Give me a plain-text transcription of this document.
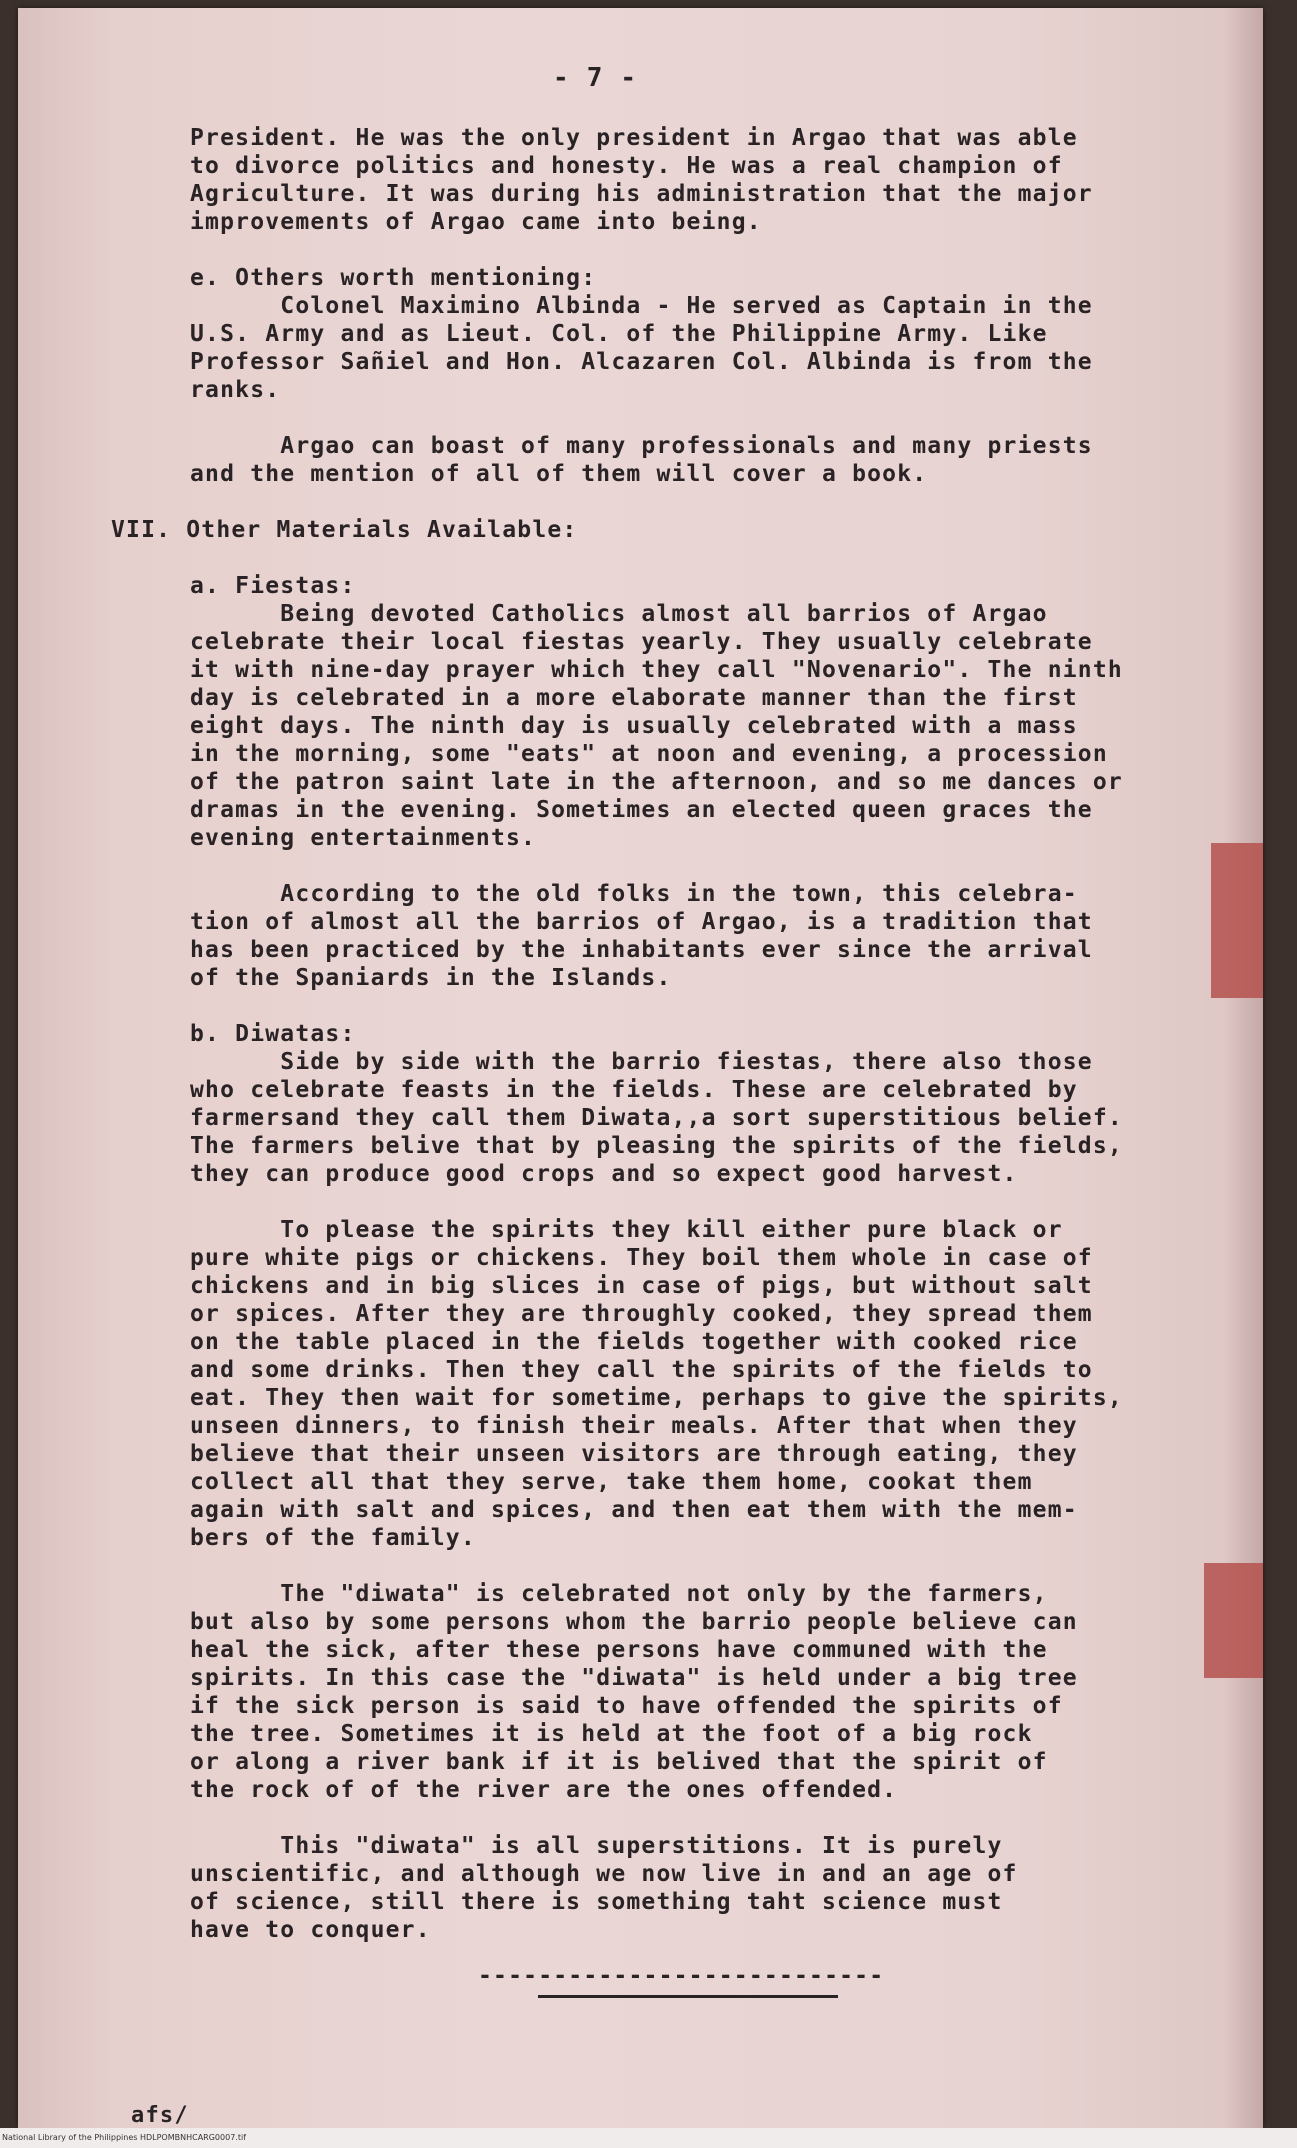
- 7 -
President. He was the only president in Argao that was able
to divorce politics and honesty. He was a real champion of
Agriculture. It was during his administration that the major
improvements of Argao came into being.
e. Others worth mentioning:
Colonel Maximino Albinda - He served as Captain in the
U.S. Army and as Lieut. Col. of the Philippine Army. Like
Professor Sañiel and Hon. Alcazaren Col. Albinda is from the
ranks.
Argao can boast of many professionals and many priests
and the mention of all of them will cover a book.
VII. Other Materials Available:
a. Fiestas:
Being devoted Catholics almost all barrios of Argao
celebrate their local fiestas yearly. They usually celebrate
it with nine-day prayer which they call "Novenario". The ninth
day is celebrated in a more elaborate manner than the first
eight days. The ninth day is usually celebrated with a mass
in the morning, some "eats" at noon and evening, a procession
of the patron saint late in the afternoon, and so me dances or
dramas in the evening. Sometimes an elected queen graces the
evening entertainments.
According to the old folks in the town, this celebra-
tion of almost all the barrios of Argao, is a tradition that
has been practiced by the inhabitants ever since the arrival
of the Spaniards in the Islands.
b. Diwatas:
Side by side with the barrio fiestas, there also those
who celebrate feasts in the fields. These are celebrated by
farmersand they call them Diwata,,a sort superstitious belief.
The farmers belive that by pleasing the spirits of the fields,
they can produce good crops and so expect good harvest.
To please the spirits they kill either pure black or
pure white pigs or chickens. They boil them whole in case of
chickens and in big slices in case of pigs, but without salt
or spices. After they are throughly cooked, they spread them
on the table placed in the fields together with cooked rice
and some drinks. Then they call the spirits of the fields to
eat. They then wait for sometime, perhaps to give the spirits,
unseen dinners, to finish their meals. After that when they
believe that their unseen visitors are through eating, they
collect all that they serve, take them home, cookat them
again with salt and spices, and then eat them with the mem-
bers of the family.
The "diwata" is celebrated not only by the farmers,
but also by some persons whom the barrio people believe can
heal the sick, after these persons have communed with the
spirits. In this case the "diwata" is held under a big tree
if the sick person is said to have offended the spirits of
the tree. Sometimes it is held at the foot of a big rock
or along a river bank if it is belived that the spirit of
the rock of of the river are the ones offended.
This "diwata" is all superstitions. It is purely
unscientific, and although we now live in and an age of
of science, still there is something taht science must
have to conquer.
---------------------------
afs/
National Library of the Philippines HDLPOMBNHCARG0007.tif
